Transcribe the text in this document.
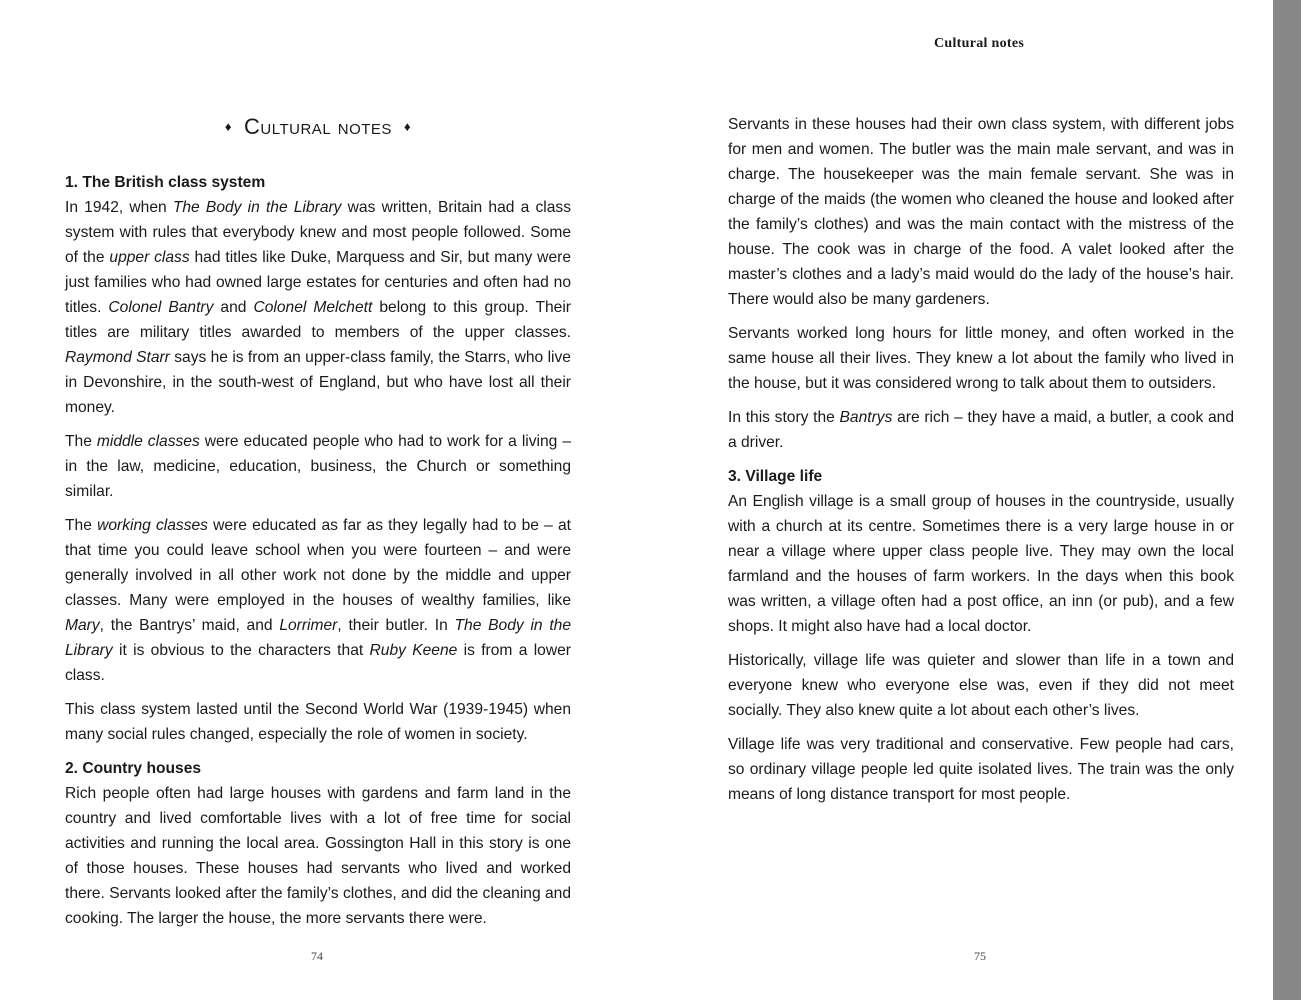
♦ Cultural notes ♦
1. The British class system

In 1942, when The Body in the Library was written, Britain had a class system with rules that everybody knew and most people followed. Some of the upper class had titles like Duke, Marquess and Sir, but many were just families who had owned large estates for centuries and often had no titles. Colonel Bantry and Colonel Melchett belong to this group. Their titles are military titles awarded to members of the upper classes. Raymond Starr says he is from an upper-class family, the Starrs, who live in Devonshire, in the south-west of England, but who have lost all their money.

The middle classes were educated people who had to work for a living – in the law, medicine, education, business, the Church or something similar.

The working classes were educated as far as they legally had to be – at that time you could leave school when you were fourteen – and were generally involved in all other work not done by the middle and upper classes. Many were employed in the houses of wealthy families, like Mary, the Bantrys’ maid, and Lorrimer, their butler. In The Body in the Library it is obvious to the characters that Ruby Keene is from a lower class.

This class system lasted until the Second World War (1939-1945) when many social rules changed, especially the role of women in society.

2. Country houses

Rich people often had large houses with gardens and farm land in the country and lived comfortable lives with a lot of free time for social activities and running the local area. Gossington Hall in this story is one of those houses. These houses had servants who lived and worked there. Servants looked after the family’s clothes, and did the cleaning and cooking. The larger the house, the more servants there were.

74
Cultural notes

Servants in these houses had their own class system, with different jobs for men and women. The butler was the main male servant, and was in charge. The housekeeper was the main female servant. She was in charge of the maids (the women who cleaned the house and looked after the family’s clothes) and was the main contact with the mistress of the house. The cook was in charge of the food. A valet looked after the master’s clothes and a lady’s maid would do the lady of the house’s hair. There would also be many gardeners.

Servants worked long hours for little money, and often worked in the same house all their lives. They knew a lot about the family who lived in the house, but it was considered wrong to talk about them to outsiders.

In this story the Bantrys are rich – they have a maid, a butler, a cook and a driver.

3. Village life

An English village is a small group of houses in the countryside, usually with a church at its centre. Sometimes there is a very large house in or near a village where upper class people live. They may own the local farmland and the houses of farm workers. In the days when this book was written, a village often had a post office, an inn (or pub), and a few shops. It might also have had a local doctor.

Historically, village life was quieter and slower than life in a town and everyone knew who everyone else was, even if they did not meet socially. They also knew quite a lot about each other’s lives.

Village life was very traditional and conservative. Few people had cars, so ordinary village people led quite isolated lives. The train was the only means of long distance transport for most people.

75
